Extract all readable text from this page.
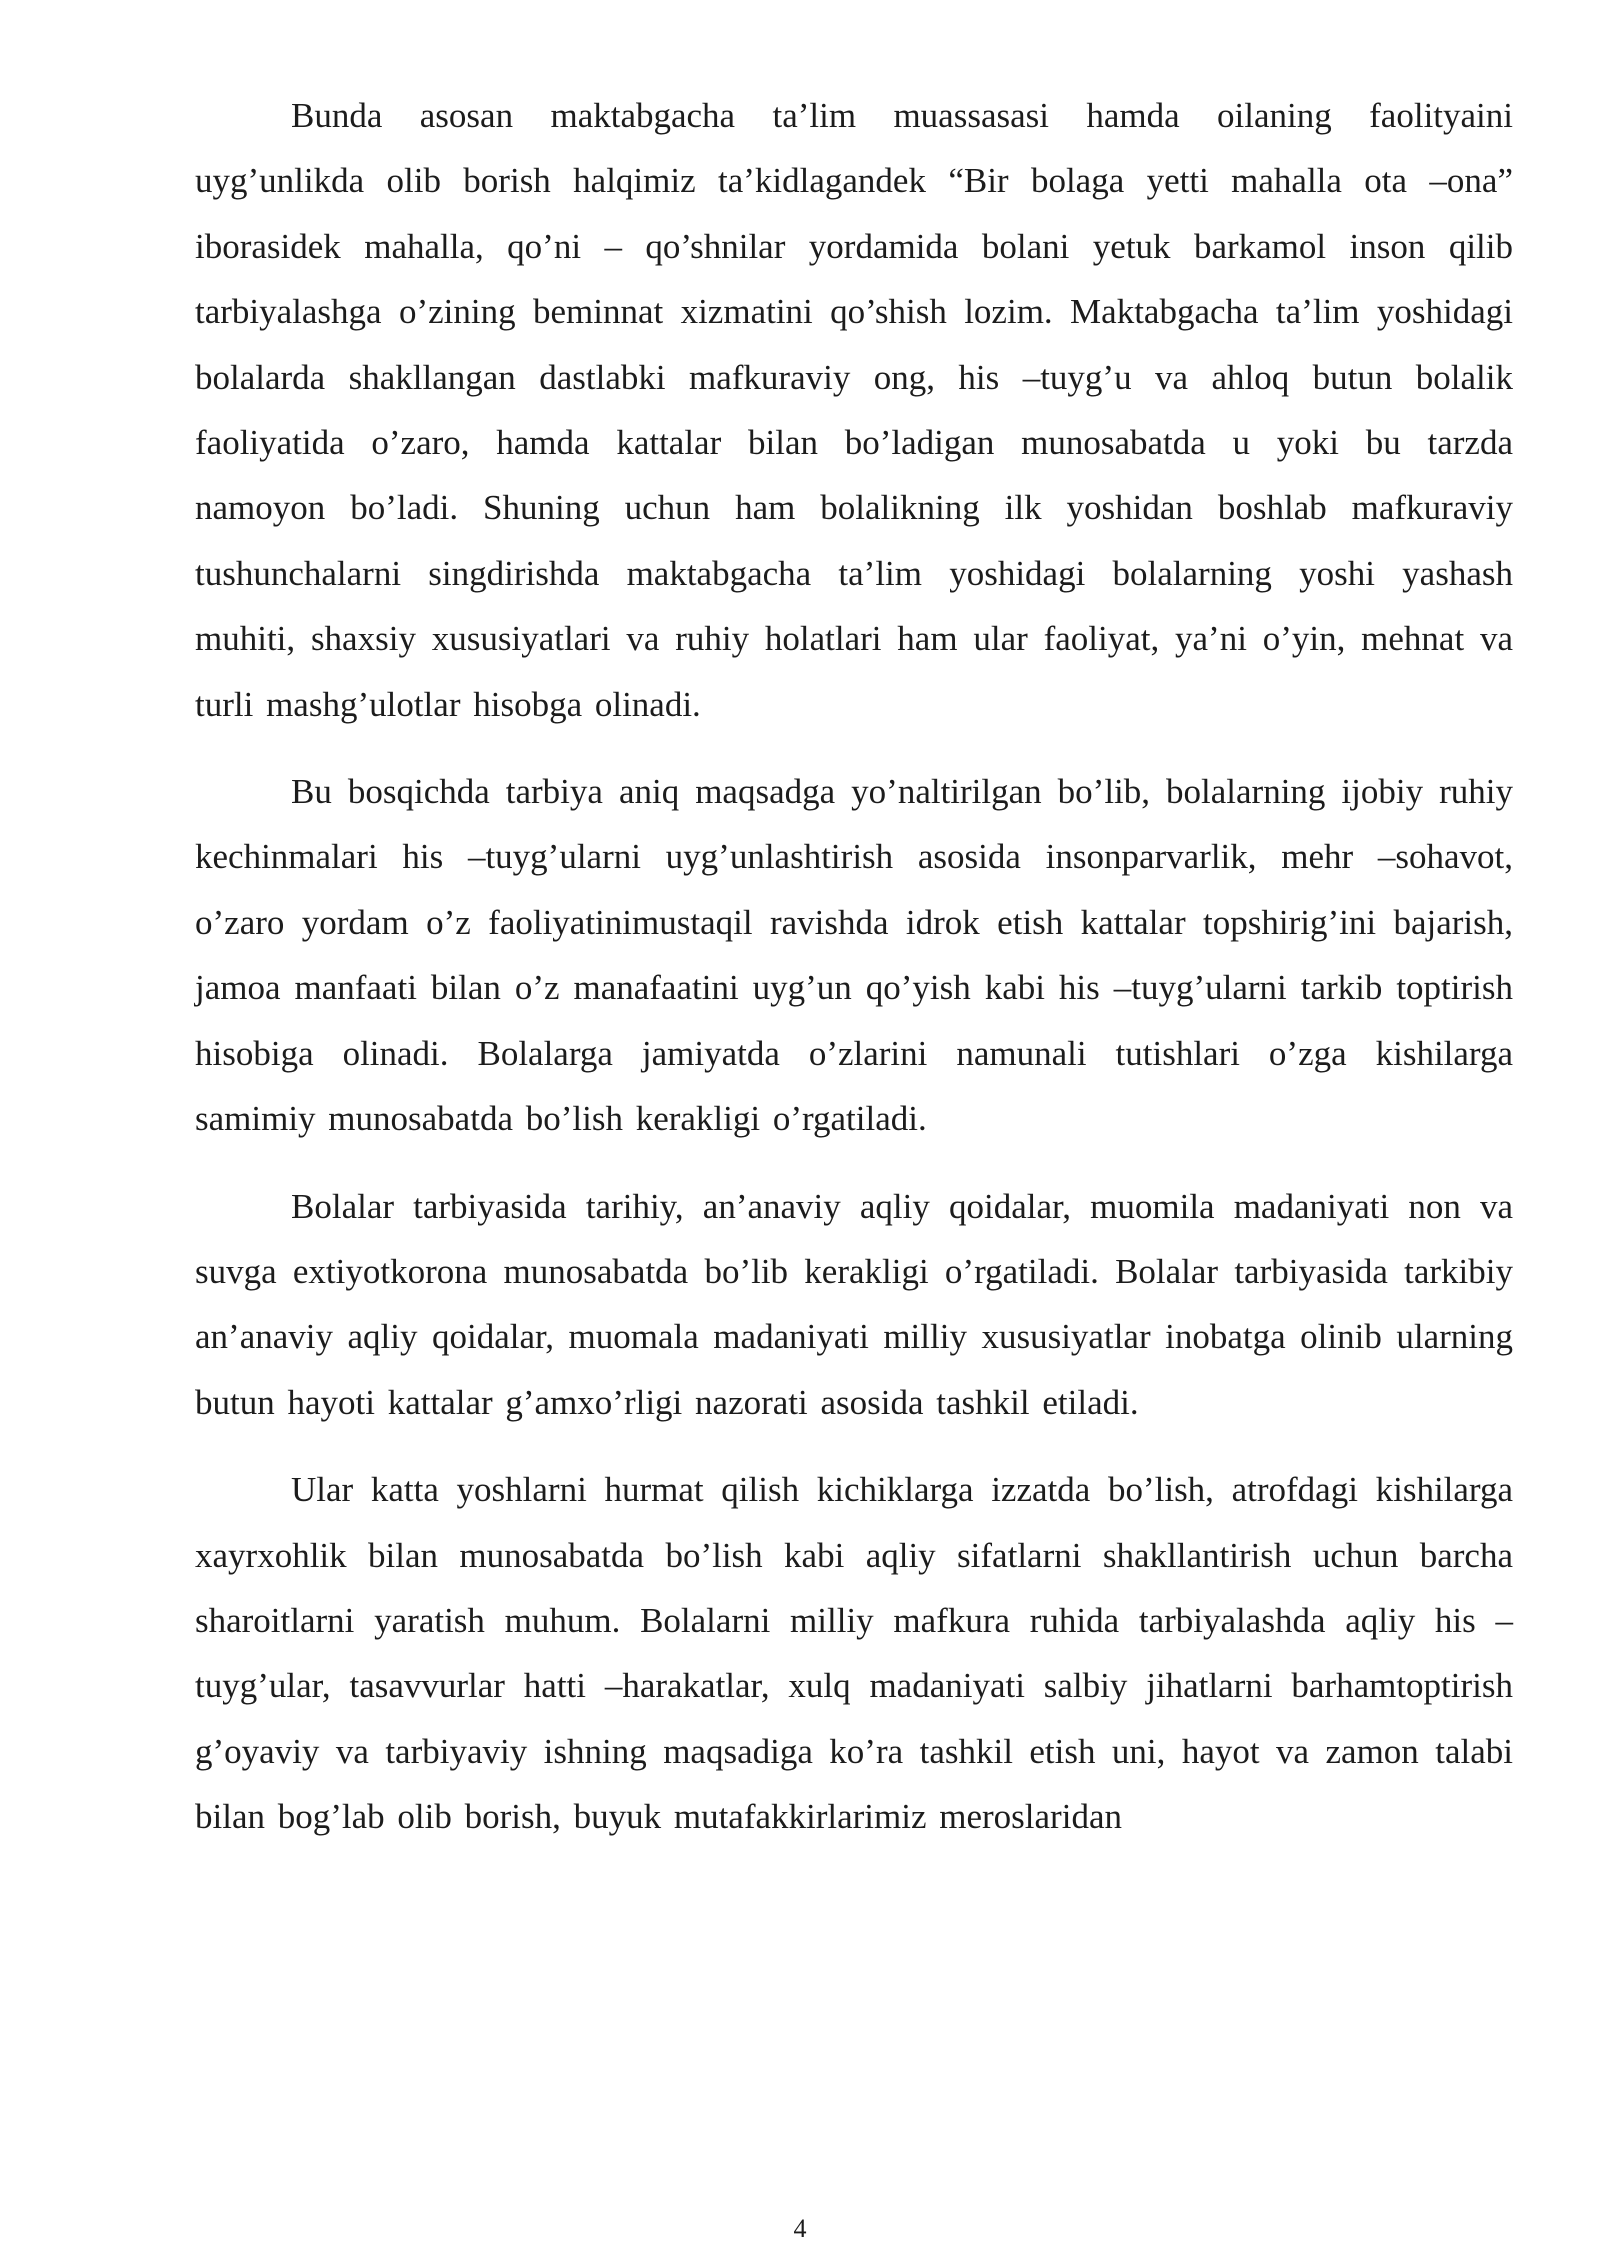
Bunda asosan maktabgacha ta’lim muassasasi hamda oilaning faolityaini uyg’unlikda olib borish halqimiz ta’kidlagandek “Bir bolaga yetti mahalla ota –ona” iborasidek mahalla, qo’ni – qo’shnilar yordamida bolani yetuk barkamol inson qilib tarbiyalashga o’zining beminnat xizmatini qo’shish lozim. Maktabgacha ta’lim yoshidagi bolalarda shakllangan dastlabki mafkuraviy ong, his –tuyg’u va ahloq butun bolalik faoliyatida o’zaro, hamda kattalar bilan bo’ladigan munosabatda u yoki bu tarzda namoyon bo’ladi. Shuning uchun ham bolalikning ilk yoshidan boshlab mafkuraviy tushunchalarni singdirishda maktabgacha ta’lim yoshidagi bolalarning yoshi yashash muhiti, shaxsiy xususiyatlari va ruhiy holatlari ham ular faoliyat, ya’ni o’yin, mehnat va turli mashg’ulotlar hisobga olinadi.

Bu bosqichda tarbiya aniq maqsadga yo’naltirilgan bo’lib, bolalarning ijobiy ruhiy kechinmalari his –tuyg’ularni uyg’unlashtirish asosida insonparvarlik, mehr –sohavot, o’zaro yordam o’z faoliyatinimustaqil ravishda idrok etish kattalar topshirig’ini bajarish, jamoa manfaati bilan o’z manafaatini uyg’un qo’yish kabi his –tuyg’ularni tarkib toptirish hisobiga olinadi. Bolalarga jamiyatda o’zlarini namunali tutishlari o’zga kishilarga samimiy munosabatda bo’lish kerakligi o’rgatiladi.

Bolalar tarbiyasida tarihiy, an’anaviy aqliy qoidalar, muomila madaniyati non va suvga extiyotkorona munosabatda bo’lib kerakligi o’rgatiladi. Bolalar tarbiyasida tarkibiy an’anaviy aqliy qoidalar, muomala madaniyati milliy xususiyatlar inobatga olinib ularning butun hayoti kattalar g’amxo’rligi nazorati asosida tashkil etiladi.

Ular katta yoshlarni hurmat qilish kichiklarga izzatda bo’lish, atrofdagi kishilarga xayrxohlik bilan munosabatda bo’lish kabi aqliy sifatlarni shakllantirish uchun barcha sharoitlarni yaratish muhum. Bolalarni milliy mafkura ruhida tarbiyalashda aqliy his – tuyg’ular, tasavvurlar hatti –harakatlar, xulq madaniyati salbiy jihatlarni barhamtoptirish g’oyaviy va tarbiyaviy ishning maqsadiga ko’ra tashkil etish uni, hayot va zamon talabi bilan bog’lab olib borish, buyuk mutafakkirlarimiz meroslaridan

4
